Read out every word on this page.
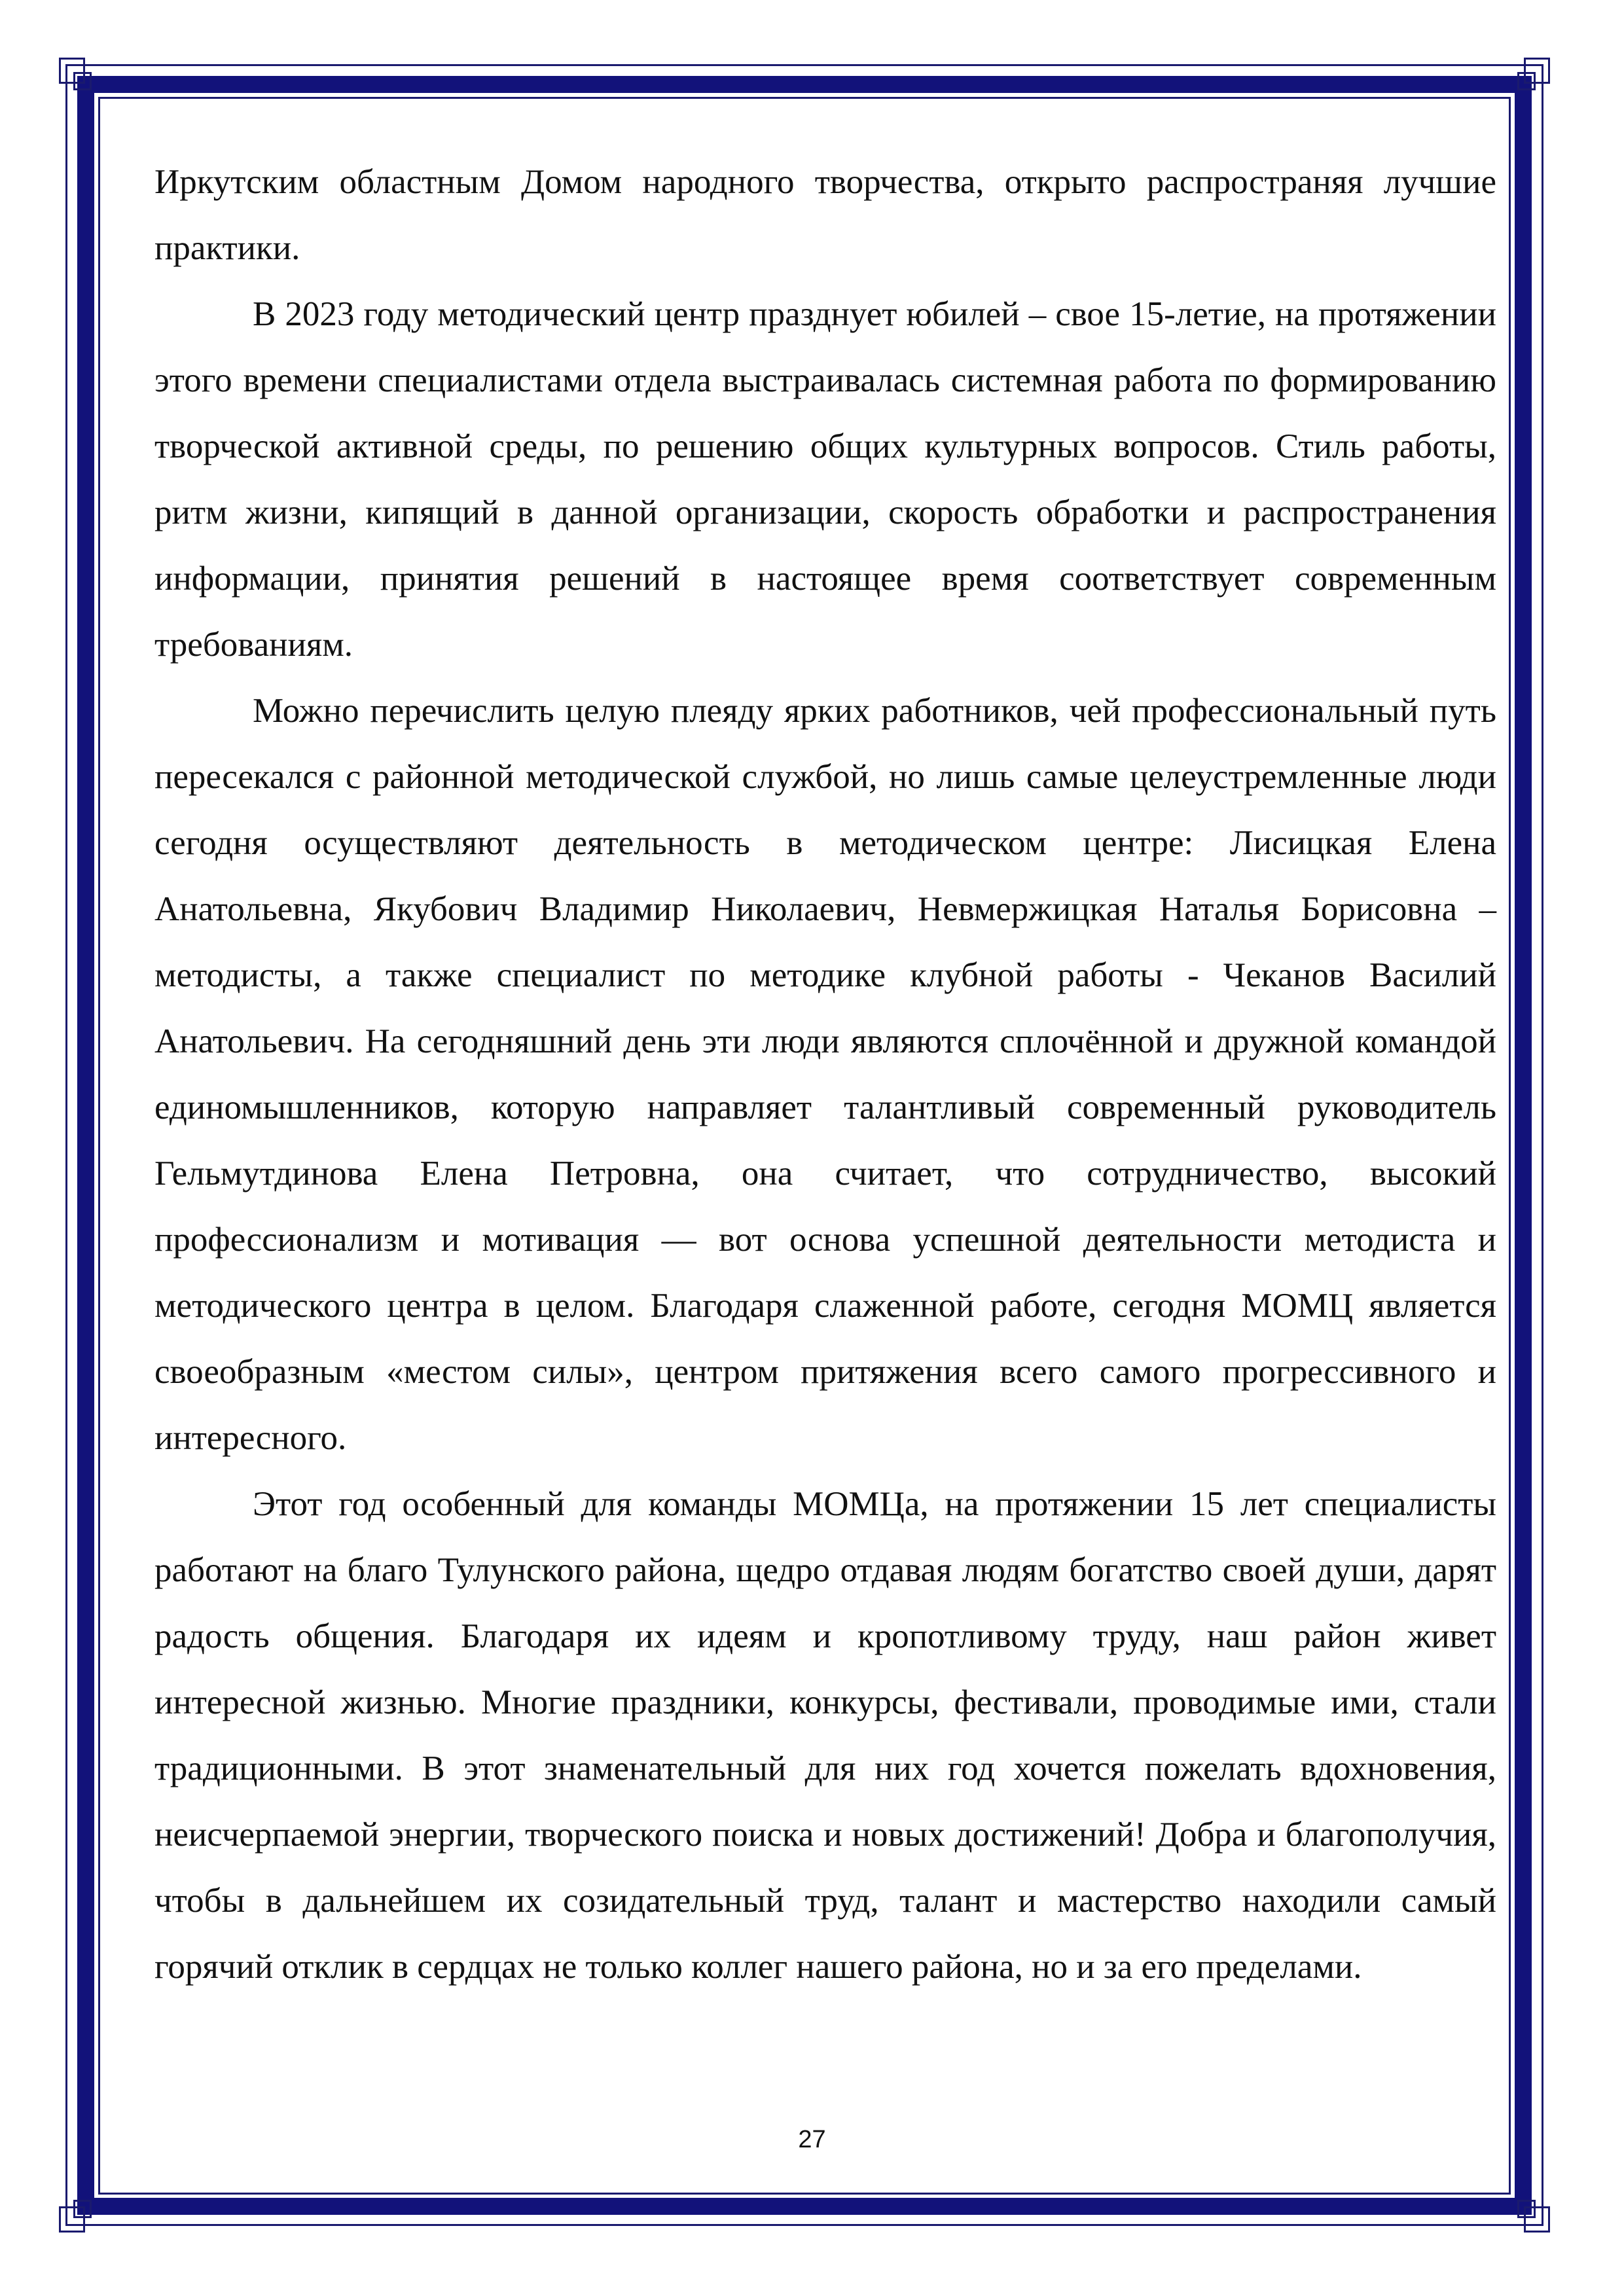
Иркутским областным Домом народного творчества, открыто распространяя лучшие практики.

В 2023 году методический центр празднует юбилей – свое 15-летие, на протяжении этого времени специалистами отдела выстраивалась системная работа по формированию творческой активной среды, по решению общих культурных вопросов. Стиль работы, ритм жизни, кипящий в данной организации, скорость обработки и распространения информации, принятия решений в настоящее время соответствует современным требованиям.

Можно перечислить целую плеяду ярких работников, чей профессиональный путь пересекался с районной методической службой, но лишь самые целеустремленные люди сегодня осуществляют деятельность в методическом центре: Лисицкая Елена Анатольевна, Якубович Владимир Николаевич, Невмержицкая Наталья Борисовна – методисты, а также специалист по методике клубной работы - Чеканов Василий Анатольевич. На сегодняшний день эти люди являются сплочённой и дружной командой единомышленников, которую направляет талантливый современный руководитель Гельмутдинова Елена Петровна, она считает, что сотрудничество, высокий профессионализм и мотивация — вот основа успешной деятельности методиста и методического центра в целом. Благодаря слаженной работе, сегодня МОМЦ является своеобразным «местом силы», центром притяжения всего самого прогрессивного и интересного.

Этот год особенный для команды МОМЦа, на протяжении 15 лет специалисты работают на благо Тулунского района, щедро отдавая людям богатство своей души, дарят радость общения. Благодаря их идеям и кропотливому труду, наш район живет интересной жизнью. Многие праздники, конкурсы, фестивали, проводимые ими, стали традиционными. В этот знаменательный для них год хочется пожелать вдохновения, неисчерпаемой энергии, творческого поиска и новых достижений! Добра и благополучия, чтобы в дальнейшем их созидательный труд, талант и мастерство находили самый горячий отклик в сердцах не только коллег нашего района, но и за его пределами.

27
